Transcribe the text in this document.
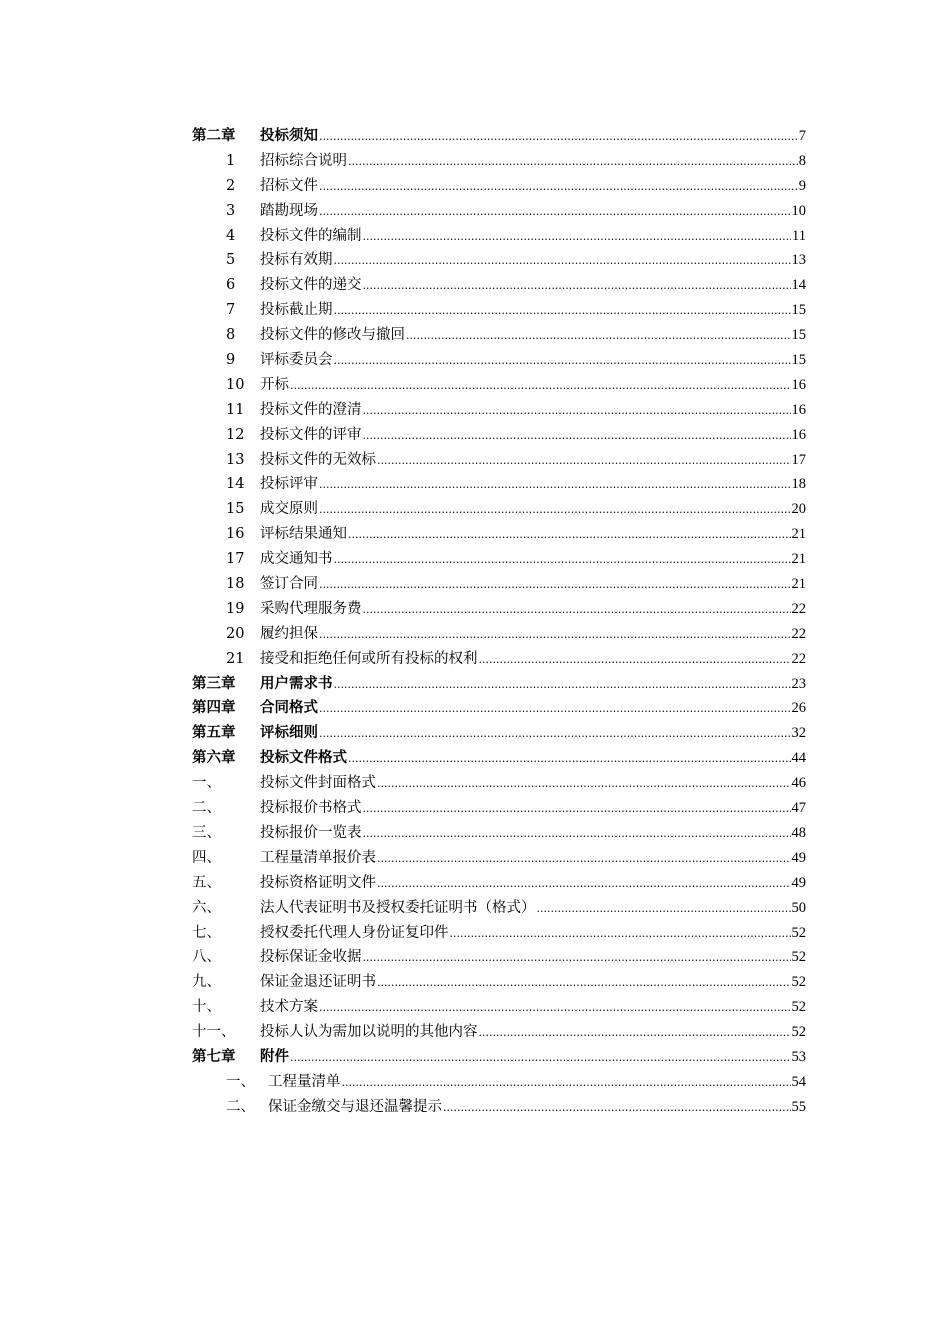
第二章	投标须知 .....	7
1	招标综合说明 .....	8
2	招标文件 .....	9
3	踏勘现场 .....	10
4	投标文件的编制 .....	11
5	投标有效期 .....	13
6	投标文件的递交 .....	14
7	投标截止期 .....	15
8	投标文件的修改与撤回 .....	15
9	评标委员会 .....	15
10	开标 .....	16
11	投标文件的澄清 .....	16
12	投标文件的评审 .....	16
13	投标文件的无效标 .....	17
14	投标评审 .....	18
15	成交原则 .....	20
16	评标结果通知 .....	21
17	成交通知书 .....	21
18	签订合同 .....	21
19	采购代理服务费 .....	22
20	履约担保 .....	22
21	接受和拒绝任何或所有投标的权利 .....	22
第三章	用户需求书 .....	23
第四章	合同格式 .....	26
第五章	评标细则 .....	32
第六章	投标文件格式 .....	44
一、	投标文件封面格式 .....	46
二、	投标报价书格式 .....	47
三、	投标报价一览表 .....	48
四、	工程量清单报价表 .....	49
五、	投标资格证明文件 .....	49
六、	法人代表证明书及授权委托证明书（格式） .....	50
七、	授权委托代理人身份证复印件 .....	52
八、	投标保证金收据 .....	52
九、	保证金退还证明书 .....	52
十、	技术方案 .....	52
十一、	投标人认为需加以说明的其他内容 .....	52
第七章	附件 .....	53
一、 工程量清单 .....	54
二、 保证金缴交与退还温馨提示 .....	55
